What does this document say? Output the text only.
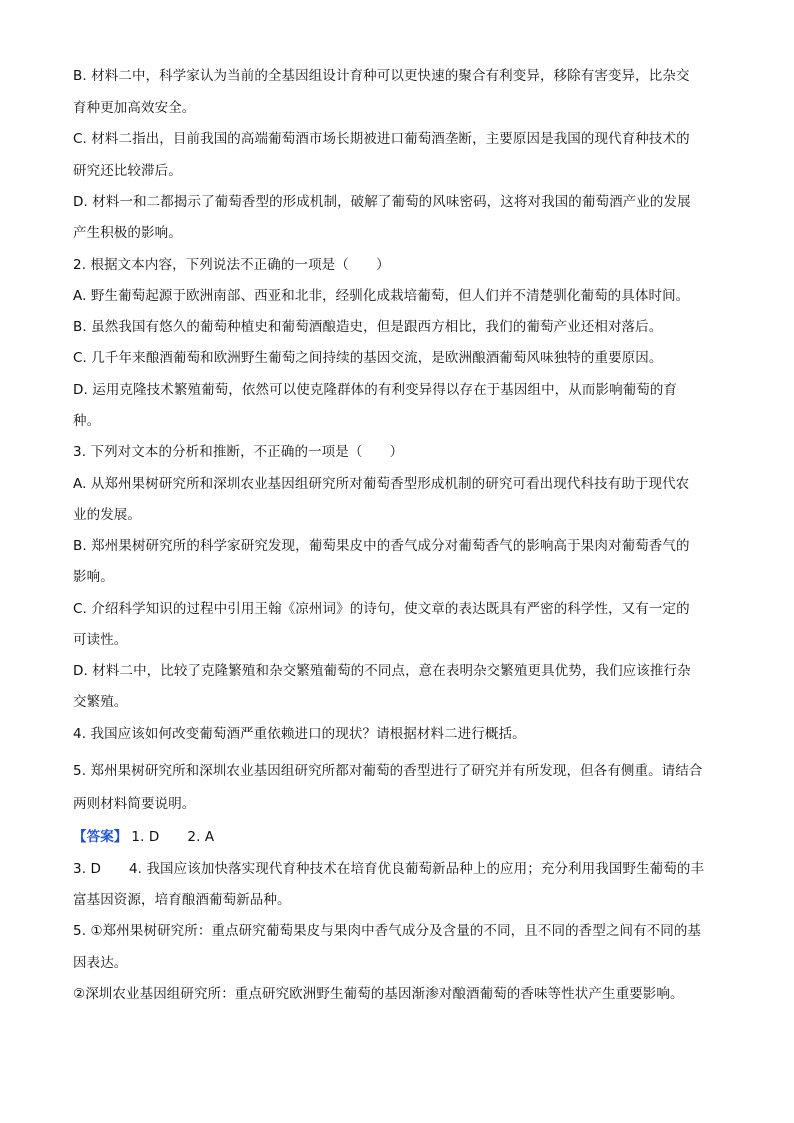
B. 材料二中，科学家认为当前的全基因组设计育种可以更快速的聚合有利变异，移除有害变异，比杂交
育种更加高效安全。
C. 材料二指出，目前我国的高端葡萄酒市场长期被进口葡萄酒垄断，主要原因是我国的现代育种技术的
研究还比较滞后。
D. 材料一和二都揭示了葡萄香型的形成机制，破解了葡萄的风味密码，这将对我国的葡萄酒产业的发展
产生积极的影响。
2. 根据文本内容，下列说法不正确的一项是（　　）
A. 野生葡萄起源于欧洲南部、西亚和北非，经驯化成栽培葡萄，但人们并不清楚驯化葡萄的具体时间。
B. 虽然我国有悠久的葡萄种植史和葡萄酒酿造史，但是跟西方相比，我们的葡萄产业还相对落后。
C. 几千年来酿酒葡萄和欧洲野生葡萄之间持续的基因交流，是欧洲酿酒葡萄风味独特的重要原因。
D. 运用克隆技术繁殖葡萄，依然可以使克隆群体的有利变异得以存在于基因组中，从而影响葡萄的育
种。
3. 下列对文本的分析和推断，不正确的一项是（　　）
A. 从郑州果树研究所和深圳农业基因组研究所对葡萄香型形成机制的研究可看出现代科技有助于现代农
业的发展。
B. 郑州果树研究所的科学家研究发现，葡萄果皮中的香气成分对葡萄香气的影响高于果肉对葡萄香气的
影响。
C. 介绍科学知识的过程中引用王翰《凉州词》的诗句，使文章的表达既具有严密的科学性，又有一定的
可读性。
D. 材料二中，比较了克隆繁殖和杂交繁殖葡萄的不同点，意在表明杂交繁殖更具优势，我们应该推行杂
交繁殖。
4. 我国应该如何改变葡萄酒严重依赖进口的现状？请根据材料二进行概括。
5. 郑州果树研究所和深圳农业基因组研究所都对葡萄的香型进行了研究并有所发现，但各有侧重。请结合
两则材料简要说明。
【答案】 1. D 2. A
3. D 4. 我国应该加快落实现代育种技术在培育优良葡萄新品种上的应用；充分利用我国野生葡萄的丰
富基因资源，培育酿酒葡萄新品种。
5. ①郑州果树研究所：重点研究葡萄果皮与果肉中香气成分及含量的不同，且不同的香型之间有不同的基
因表达。
②深圳农业基因组研究所：重点研究欧洲野生葡萄的基因渐渗对酿酒葡萄的香味等性状产生重要影响。
